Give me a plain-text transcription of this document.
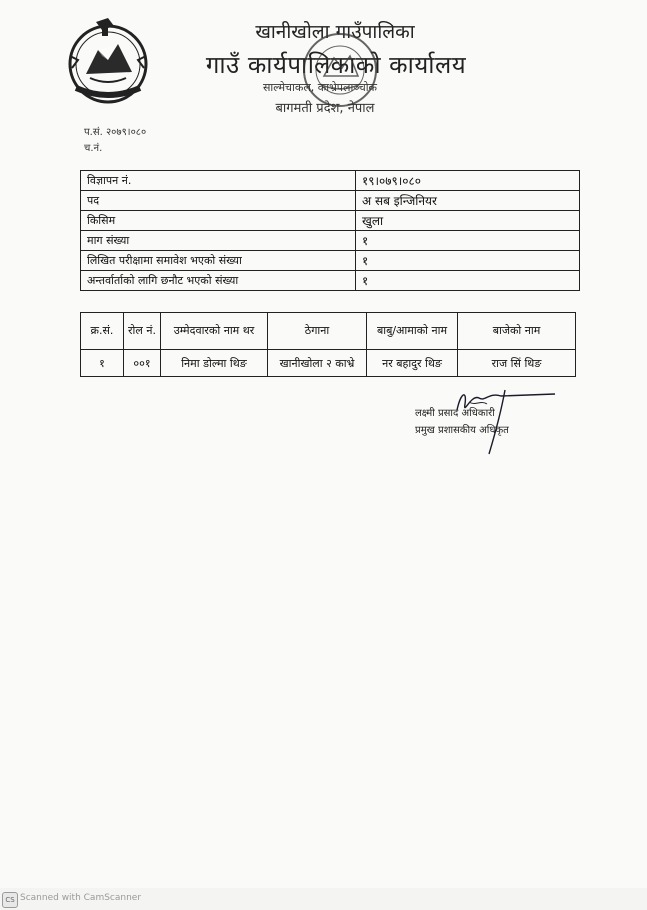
खानीखोला गाउँपालिका
गाउँ कार्यपालिकाको कार्यालय
साल्मेचाकल, काभ्रेपलाञ्चोक
बागमती प्रदेश, नेपाल
प.सं. २०७९।०८०
च.नं.
विज्ञापन नं.	१९।०७९।०८०
पद	अ सब इन्जिनियर
किसिम	खुला
माग संख्या	१
लिखित परीक्षामा समावेश भएको संख्या	१
अन्तर्वार्ताको लागि छनौट भएको संख्या	१
क्र.सं.	रोल नं.	उम्मेदवारको नाम थर	ठेगाना	बाबु/आमाको नाम	बाजेको नाम
१	००१	निमा डोल्मा थिङ	खानीखोला २ काभ्रे	नर बहादुर थिङ	राज सिं थिङ
लक्ष्मी प्रसाद अधिकारी
प्रमुख प्रशासकीय अधिकृत
CS Scanned with CamScanner
